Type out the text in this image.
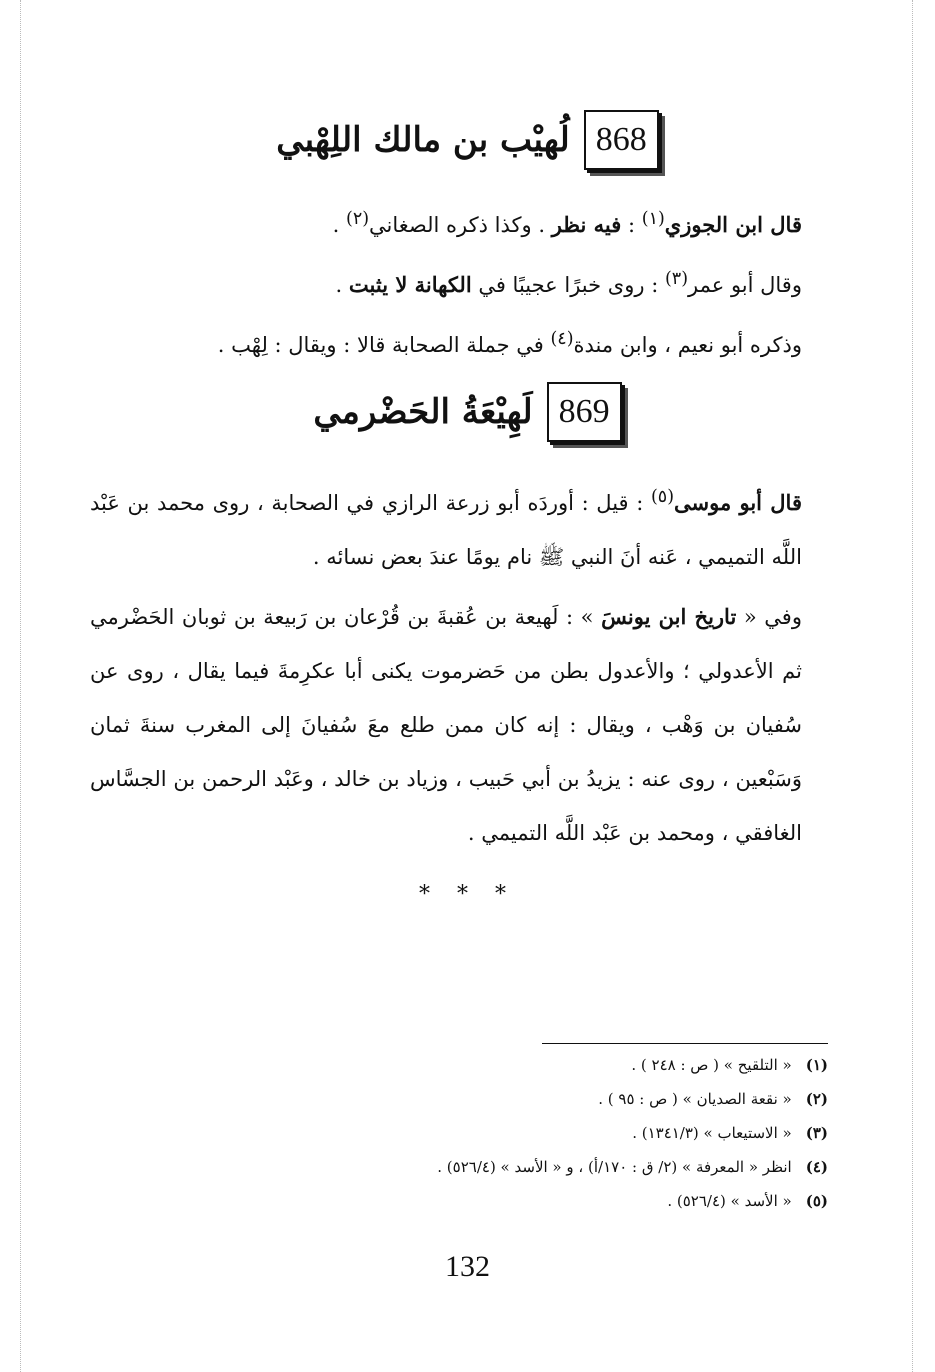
868
لُهيْب بن مالك اللِهْبي

قال ابن الجوزي$^{(١)}$ : فيه نظر . وكذا ذكره الصغاني$^{(٢)}$ .

وقال أبو عمر$^{(٣)}$ : روى خبرًا عجيبًا في الكهانة لا يثبت .

وذكره أبو نعيم ، وابن مندة$^{(٤)}$ في جملة الصحابة قالا : ويقال : لِهْب .

869
لَهِيْعَةُ الحَضْرمي

قال أبو موسى$^{(٥)}$ : قيل : أوردَه أبو زرعة الرازي في الصحابة ، روى محمد بن عَبْد اللَّه التميمي ، عَنه أنَ النبي ﷺ نام يومًا عندَ بعض نسائه .

وفي « تاريخ ابن يونسَ » : لَهيعة بن عُقبةَ بن قُرْعان بن رَبيعة بن ثوبان الحَضْرمي ثم الأعدولي ؛ والأعدول بطن من حَضرموت يكنى أبا عكرِمةَ فيما يقال ، روى عن سُفيان بن وَهْب ، ويقال : إنه كان ممن طلع معَ سُفيانَ إلى المغرب سنةَ ثمان وَسَبْعين ، روى عنه : يزيدُ بن أبي حَبيب ، وزياد بن خالد ، وعَبْد الرحمن بن الجسَّاس الغافقي ، ومحمد بن عَبْد اللَّه التميمي .

* * *
(١)
« التلقيح » ( ص : ٢٤٨ ) .
(٢)
« نقعة الصديان » ( ص : ٩٥ ) .
(٣)
« الاستيعاب » (١٣٤١/٣) .
(٤)
انظر « المعرفة » (٢/ ق : ١٧٠/أ) ، و « الأسد » (٥٢٦/٤) .
(٥)
« الأسد » (٥٢٦/٤) .
132
